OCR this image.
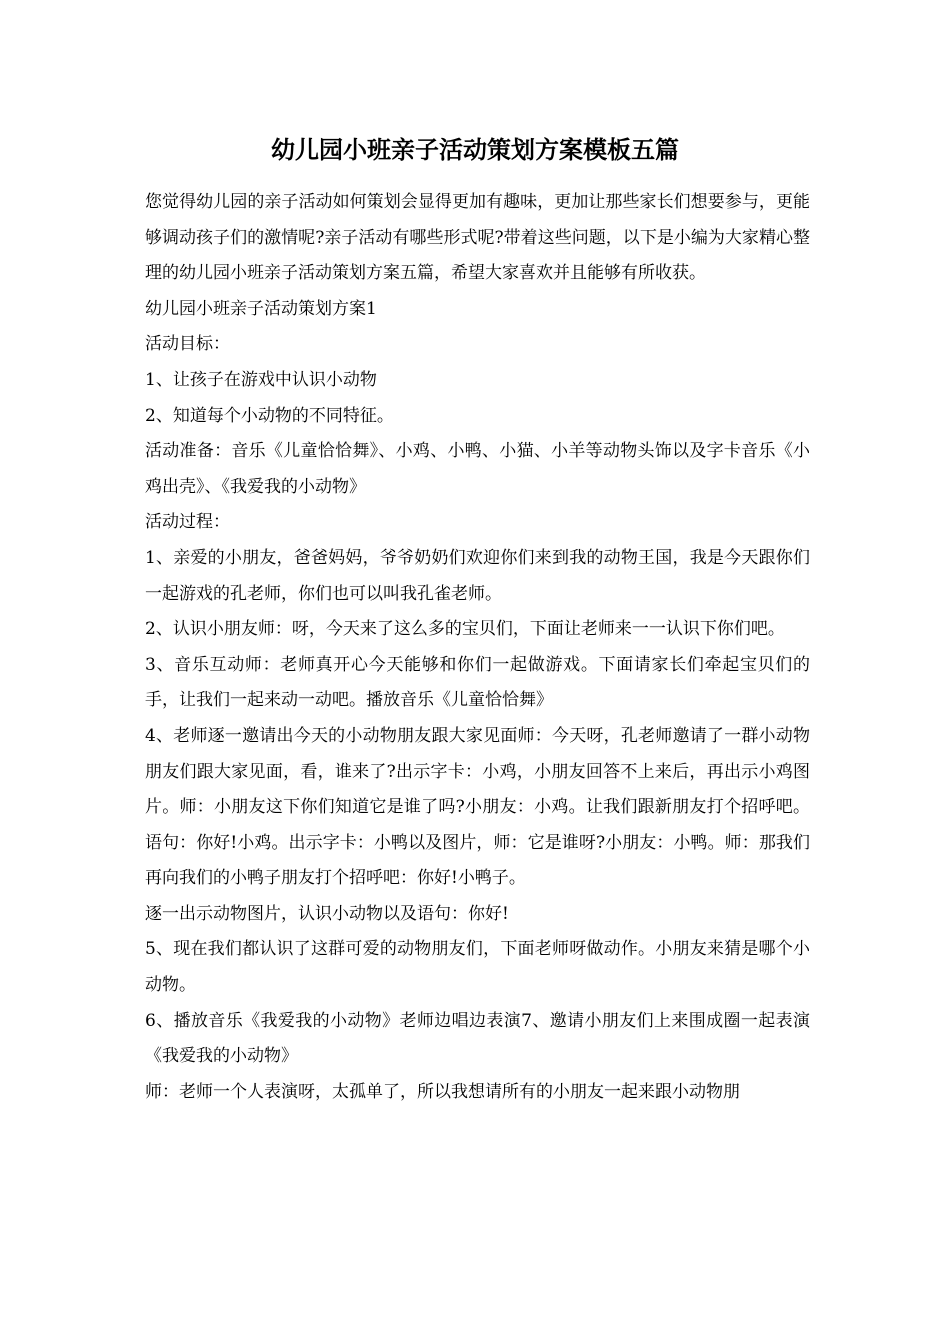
幼儿园小班亲子活动策划方案模板五篇

您觉得幼儿园的亲子活动如何策划会显得更加有趣味，更加让那些家长们想要参与，更能够调动孩子们的激情呢?亲子活动有哪些形式呢?带着这些问题，以下是小编为大家精心整理的幼儿园小班亲子活动策划方案五篇，希望大家喜欢并且能够有所收获。

幼儿园小班亲子活动策划方案1

活动目标：

1、让孩子在游戏中认识小动物

2、知道每个小动物的不同特征。

活动准备：音乐《儿童恰恰舞》、小鸡、小鸭、小猫、小羊等动物头饰以及字卡音乐《小鸡出壳》、《我爱我的小动物》

活动过程：

1、亲爱的小朋友，爸爸妈妈，爷爷奶奶们欢迎你们来到我的动物王国，我是今天跟你们一起游戏的孔老师，你们也可以叫我孔雀老师。

2、认识小朋友师：呀，今天来了这么多的宝贝们，下面让老师来一一认识下你们吧。

3、音乐互动师：老师真开心今天能够和你们一起做游戏。下面请家长们牵起宝贝们的手，让我们一起来动一动吧。播放音乐《儿童恰恰舞》

4、老师逐一邀请出今天的小动物朋友跟大家见面师：今天呀，孔老师邀请了一群小动物朋友们跟大家见面，看，谁来了?出示字卡：小鸡，小朋友回答不上来后，再出示小鸡图片。师：小朋友这下你们知道它是谁了吗?小朋友：小鸡。让我们跟新朋友打个招呼吧。语句：你好!小鸡。出示字卡：小鸭以及图片，师：它是谁呀?小朋友：小鸭。师：那我们再向我们的小鸭子朋友打个招呼吧：你好!小鸭子。

逐一出示动物图片，认识小动物以及语句：你好!

5、现在我们都认识了这群可爱的动物朋友们，下面老师呀做动作。小朋友来猜是哪个小动物。

6、播放音乐《我爱我的小动物》老师边唱边表演7、邀请小朋友们上来围成圈一起表演《我爱我的小动物》

师：老师一个人表演呀，太孤单了，所以我想请所有的小朋友一起来跟小动物朋
